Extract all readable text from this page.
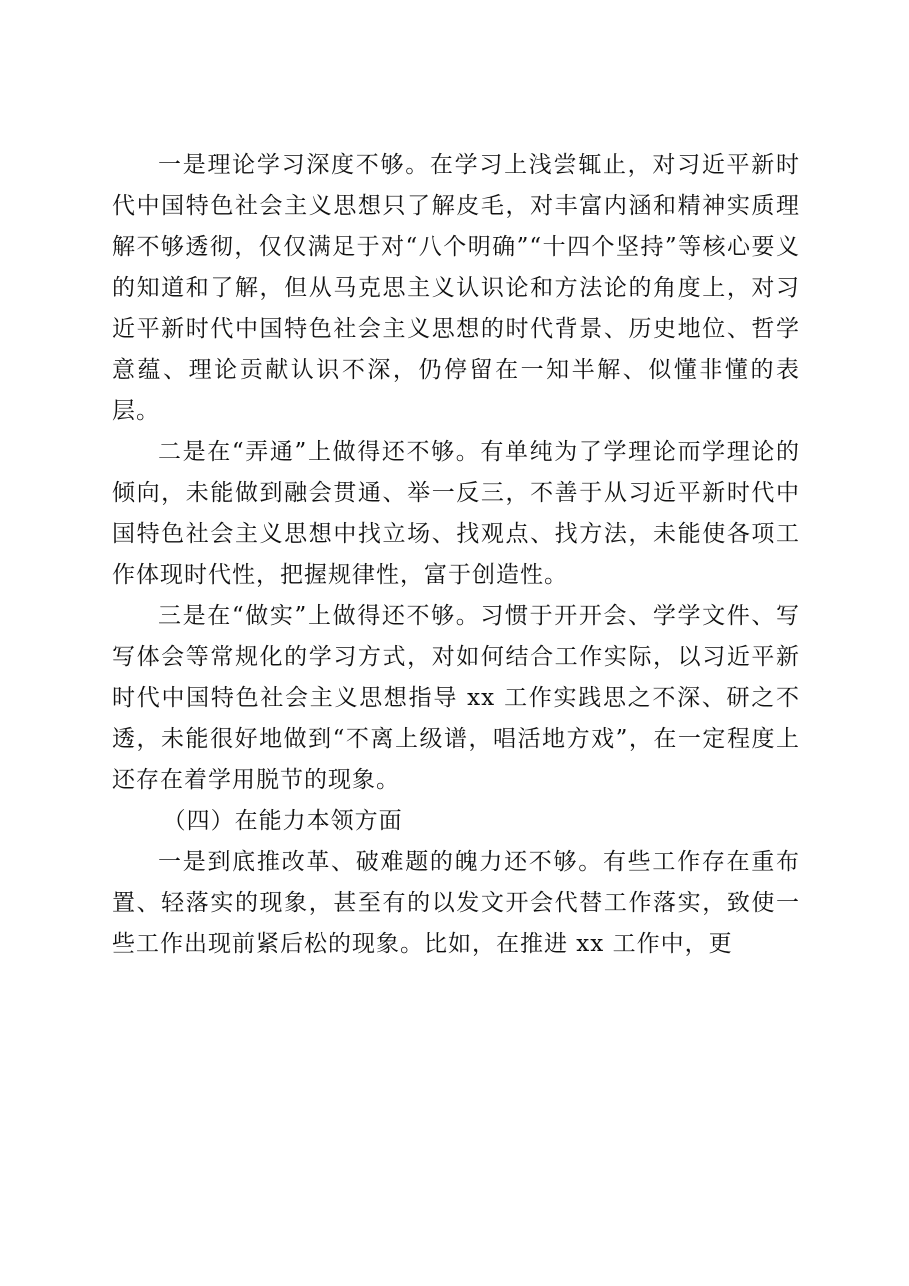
一是理论学习深度不够。在学习上浅尝辄止，对习近平新时代中国特色社会主义思想只了解皮毛，对丰富内涵和精神实质理解不够透彻，仅仅满足于对“八个明确”“十四个坚持”等核心要义的知道和了解，但从马克思主义认识论和方法论的角度上，对习近平新时代中国特色社会主义思想的时代背景、历史地位、哲学意蕴、理论贡献认识不深，仍停留在一知半解、似懂非懂的表层。

二是在“弄通”上做得还不够。有单纯为了学理论而学理论的倾向，未能做到融会贯通、举一反三，不善于从习近平新时代中国特色社会主义思想中找立场、找观点、找方法，未能使各项工作体现时代性，把握规律性，富于创造性。

三是在“做实”上做得还不够。习惯于开开会、学学文件、写写体会等常规化的学习方式，对如何结合工作实际，以习近平新时代中国特色社会主义思想指导 xx 工作实践思之不深、研之不透，未能很好地做到“不离上级谱，唱活地方戏”，在一定程度上还存在着学用脱节的现象。

（四）在能力本领方面

一是到底推改革、破难题的魄力还不够。有些工作存在重布置、轻落实的现象，甚至有的以发文开会代替工作落实，致使一些工作出现前紧后松的现象。比如，在推进 xx 工作中，更
